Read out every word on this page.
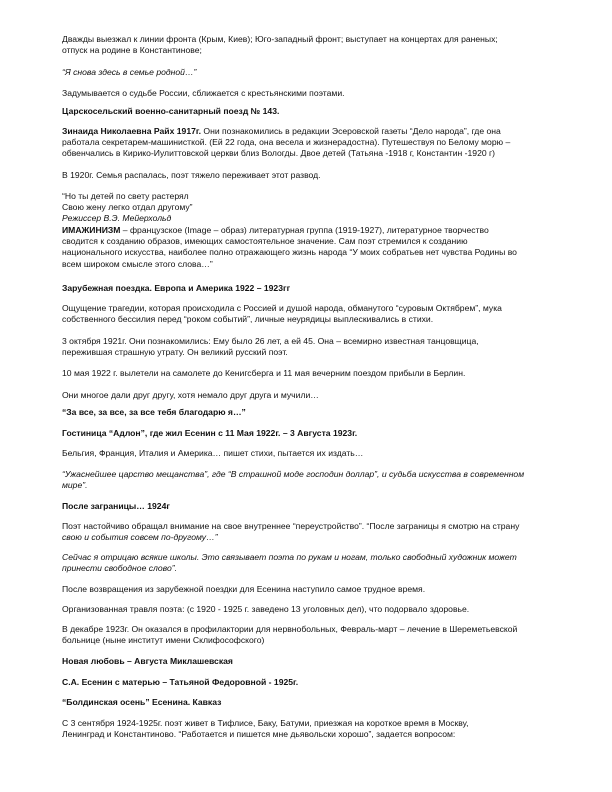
Дважды выезжал к линии фронта (Крым, Киев); Юго-западный фронт; выступает на концертах для раненых;
отпуск на родине в Константинове;
“Я снова здесь в семье родной…”
Задумывается о судьбе России, сближается с крестьянскими поэтами.
Царскосельский военно-санитарный поезд № 143.
Зинаида Николаевна Райх 1917г. Они познакомились в редакции Эсеровской газеты “Дело народа”, где она
работала секретарем-машинисткой. (Ей 22 года, она весела и жизнерадостна). Путешествуя по Белому морю –
обвенчались в Кирико-Иулиттовской церкви близ Вологды. Двое детей (Татьяна -1918 г, Константин -1920 г)
В 1920г. Семья распалась, поэт тяжело переживает этот развод.
“Но ты детей по свету растерял
Свою жену легко отдал другому”
Режиссер В.Э. Мейерхольд
ИМАЖИНИЗМ – французское (Image – образ) литературная группа (1919-1927), литературное творчество
сводится к созданию образов, имеющих самостоятельное значение. Сам поэт стремился к созданию
национального искусства, наиболее полно отражающего жизнь народа “У моих собратьев нет чувства Родины во
всем широком смысле этого слова…”
Зарубежная поездка. Европа и Америка 1922 – 1923гг
Ощущение трагедии, которая происходила с Россией и душой народа, обманутого “суровым Октябрем”, мука
собственного бессилия перед “роком событий”, личные неурядицы выплескивались в стихи.
3 октября 1921г. Они познакомились: Ему было 26 лет, а ей 45. Она – всемирно известная танцовщица,
пережившая страшную утрату. Он великий русский поэт.
10 мая 1922 г. вылетели на самолете до Кенигсберга и 11 мая вечерним поездом прибыли в Берлин.
Они многое дали друг другу, хотя немало друг друга и мучили…
“За все, за все, за все тебя благодарю я…”
Гостиница “Адлон”, где жил Есенин с 11 Мая 1922г. – 3 Августа 1923г.
Бельгия, Франция, Италия и Америка… пишет стихи, пытается их издать…
“Ужаснейшее царство мещанства”, где “В страшной моде господин доллар”, и судьба искусства в современном
мире”.
После заграницы… 1924г
Поэт настойчиво обращал внимание на свое внутреннее “переустройство”. “После заграницы я смотрю на страну
свою и события совсем по-другому…”
Сейчас я отрицаю всякие школы. Это связывает поэта по рукам и ногам, только свободный художник может
принести свободное слово”.
После возвращения из зарубежной поездки для Есенина наступило самое трудное время.
Организованная травля поэта: (с 1920 - 1925 г. заведено 13 уголовных дел), что подорвало здоровье.
В декабре 1923г. Он оказался в профилактории для нервнобольных, Февраль-март – лечение в Шереметьевской
больнице (ныне институт имени Склифософского)
Новая любовь – Августа Миклашевская
С.А. Есенин с матерью – Татьяной Федоровной - 1925г.
“Болдинская осень” Есенина. Кавказ
С 3 сентября 1924-1925г. поэт живет в Тифлисе, Баку, Батуми, приезжая на короткое время в Москву,
Ленинград и Константиново. “Работается и пишется мне дьявольски хорошо”, задается вопросом:
